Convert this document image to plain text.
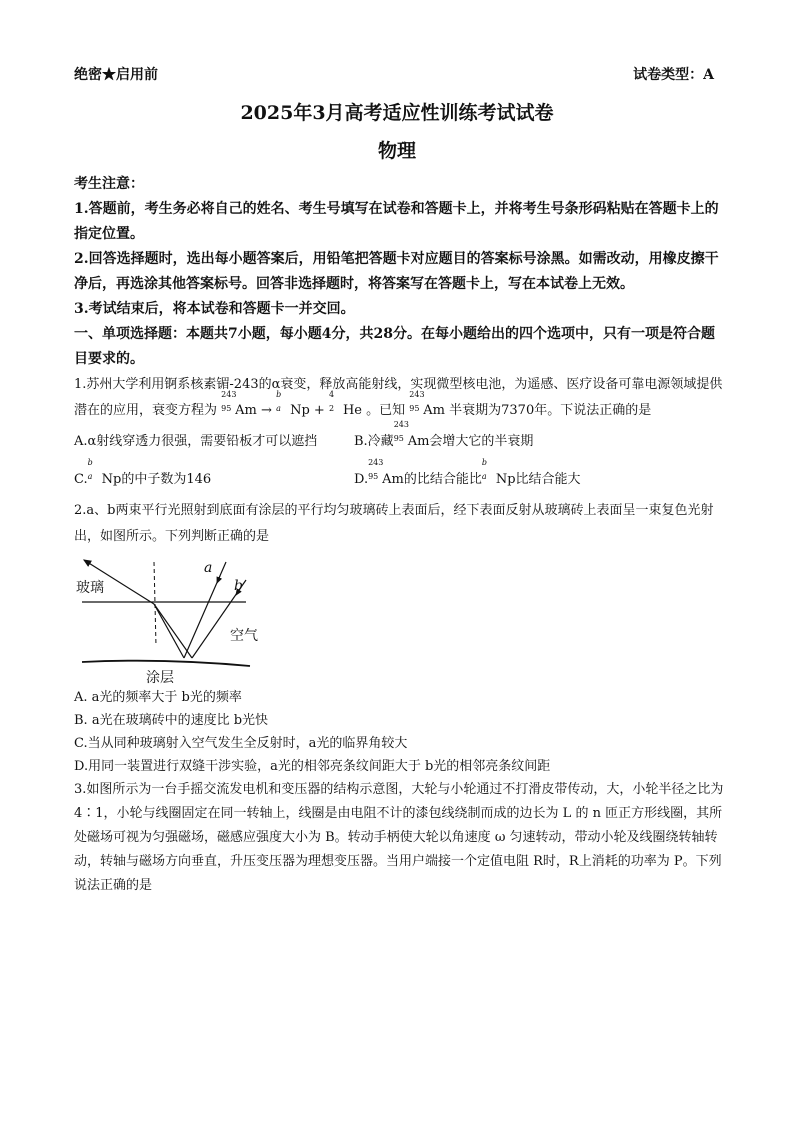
绝密★启用前	试卷类型：A
2025年3月高考适应性训练考试试卷
物理
考生注意：
1.答题前，考生务必将自己的姓名、考生号填写在试卷和答题卡上，并将考生号条形码粘贴在答题卡上的指定位置。
2.回答选择题时，选出每小题答案后，用铅笔把答题卡对应题目的答案标号涂黑。如需改动，用橡皮擦干净后，再选涂其他答案标号。回答非选择题时，将答案写在答题卡上，写在本试卷上无效。
3.考试结束后，将本试卷和答题卡一并交回。
一、单项选择题：本题共7小题，每小题4分，共28分。在每小题给出的四个选项中，只有一项是符合题目要求的。
1.苏州大学利用锕系核素镅-243的α衰变，释放高能射线，实现微型核电池，为遥感、医疗设备可靠电源领域提供潜在的应用，衰变方程为
243
95 Am →
b
a Np +
4
2 He 。已知
243
95 Am 半衰期为7370年。下说法正确的是
A.α射线穿透力很强，需要铅板才可以遮挡	B.冷藏
243
95 Am会增大它的半衰期
C.
b
a Np的中子数为146	D.
243
95 Am的比结合能比
b
a Np比结合能大
2.a、b两束平行光照射到底面有涂层的平行均匀玻璃砖上表面后，经下表面反射从玻璃砖上表面呈一束复色光射出，如图所示。下列判断正确的是
玻璃
空气
涂层
a
b
A. a光的频率大于 b光的频率
B. a光在玻璃砖中的速度比 b光快
C.当从同种玻璃射入空气发生全反射时，a光的临界角较大
D.用同一装置进行双缝干涉实验，a光的相邻亮条纹间距大于 b光的相邻亮条纹间距
3.如图所示为一台手摇交流发电机和变压器的结构示意图，大轮与小轮通过不打滑皮带传动，大，小轮半径之比为4∶1，小轮与线圈固定在同一转轴上，线圈是由电阻不计的漆包线绕制而成的边长为 L 的 n 匝正方形线圈，其所处磁场可视为匀强磁场，磁感应强度大小为 B。转动手柄使大轮以角速度 ω 匀速转动，带动小轮及线圈绕转轴转动，转轴与磁场方向垂直，升压变压器为理想变压器。当用户端接一个定值电阻 R时，R上消耗的功率为 P。下列说法正确的是
